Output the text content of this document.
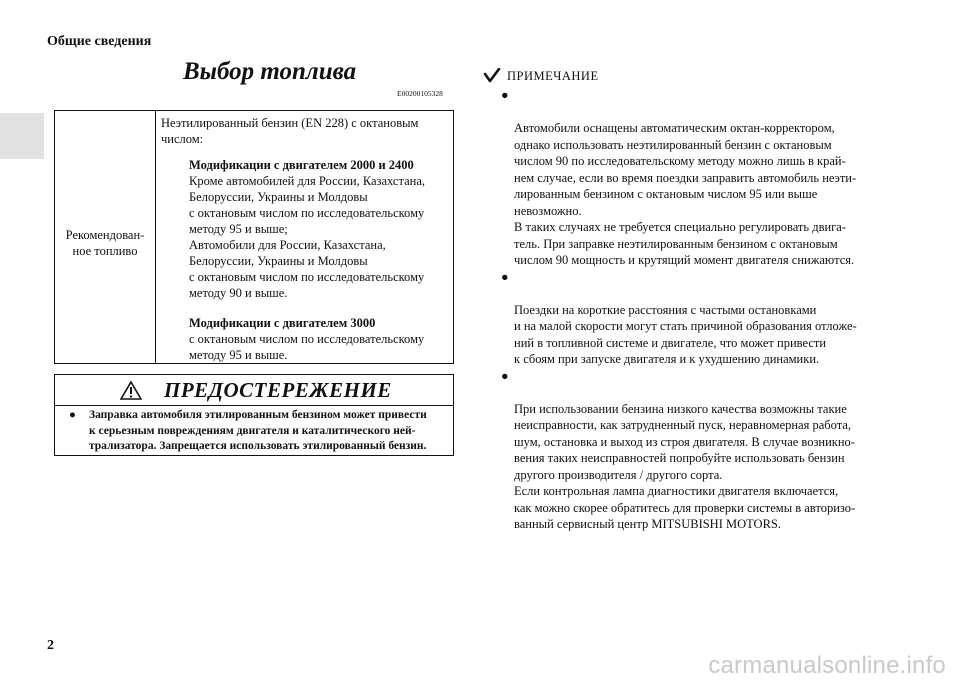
Общие сведения
Выбор топлива
E00200105328
Рекомендован-
ное топливо
Неэтилированный бензин (EN 228) с октановым
числом:
Модификации с двигателем 2000 и 2400
Кроме автомобилей для России, Казахстана,
Белоруссии, Украины и Молдовы
с октановым числом по исследовательскому
методу 95 и выше;
Автомобили для России, Казахстана,
Белоруссии, Украины и Молдовы
с октановым числом по исследовательскому
методу 90 и выше.
Модификации с двигателем 3000
с октановым числом по исследовательскому
методу 95 и выше.
ПРЕДОСТЕРЕЖЕНИЕ
● Заправка автомобиля этилированным бензином может привести
к серьезным повреждениям двигателя и каталитического ней-
трализатора. Запрещается использовать этилированный бензин.
ПРИМЕЧАНИЕ

●

Автомобили оснащены автоматическим октан-корректором,
однако использовать неэтилированный бензин с октановым
числом 90 по исследовательскому методу можно лишь в край-
нем случае, если во время поездки заправить автомобиль неэти-
лированным бензином с октановым числом 95 или выше
невозможно.
В таких случаях не требуется специально регулировать двига-
тель. При заправке неэтилированным бензином с октановым
числом 90 мощность и крутящий момент двигателя снижаются.

●

Поездки на короткие расстояния с частыми остановками
и на малой скорости могут стать причиной образования отложе-
ний в топливной системе и двигателе, что может привести
к сбоям при запуске двигателя и к ухудшению динамики.

●

При использовании бензина низкого качества возможны такие
неисправности, как затрудненный пуск, неравномерная работа,
шум, остановка и выход из строя двигателя. В случае возникно-
вения таких неисправностей попробуйте использовать бензин
другого производителя / другого сорта.
Если контрольная лампа диагностики двигателя включается,
как можно скорее обратитесь для проверки системы в авторизо-
ванный сервисный центр MITSUBISHI MOTORS.

2
carmanualsonline.info
